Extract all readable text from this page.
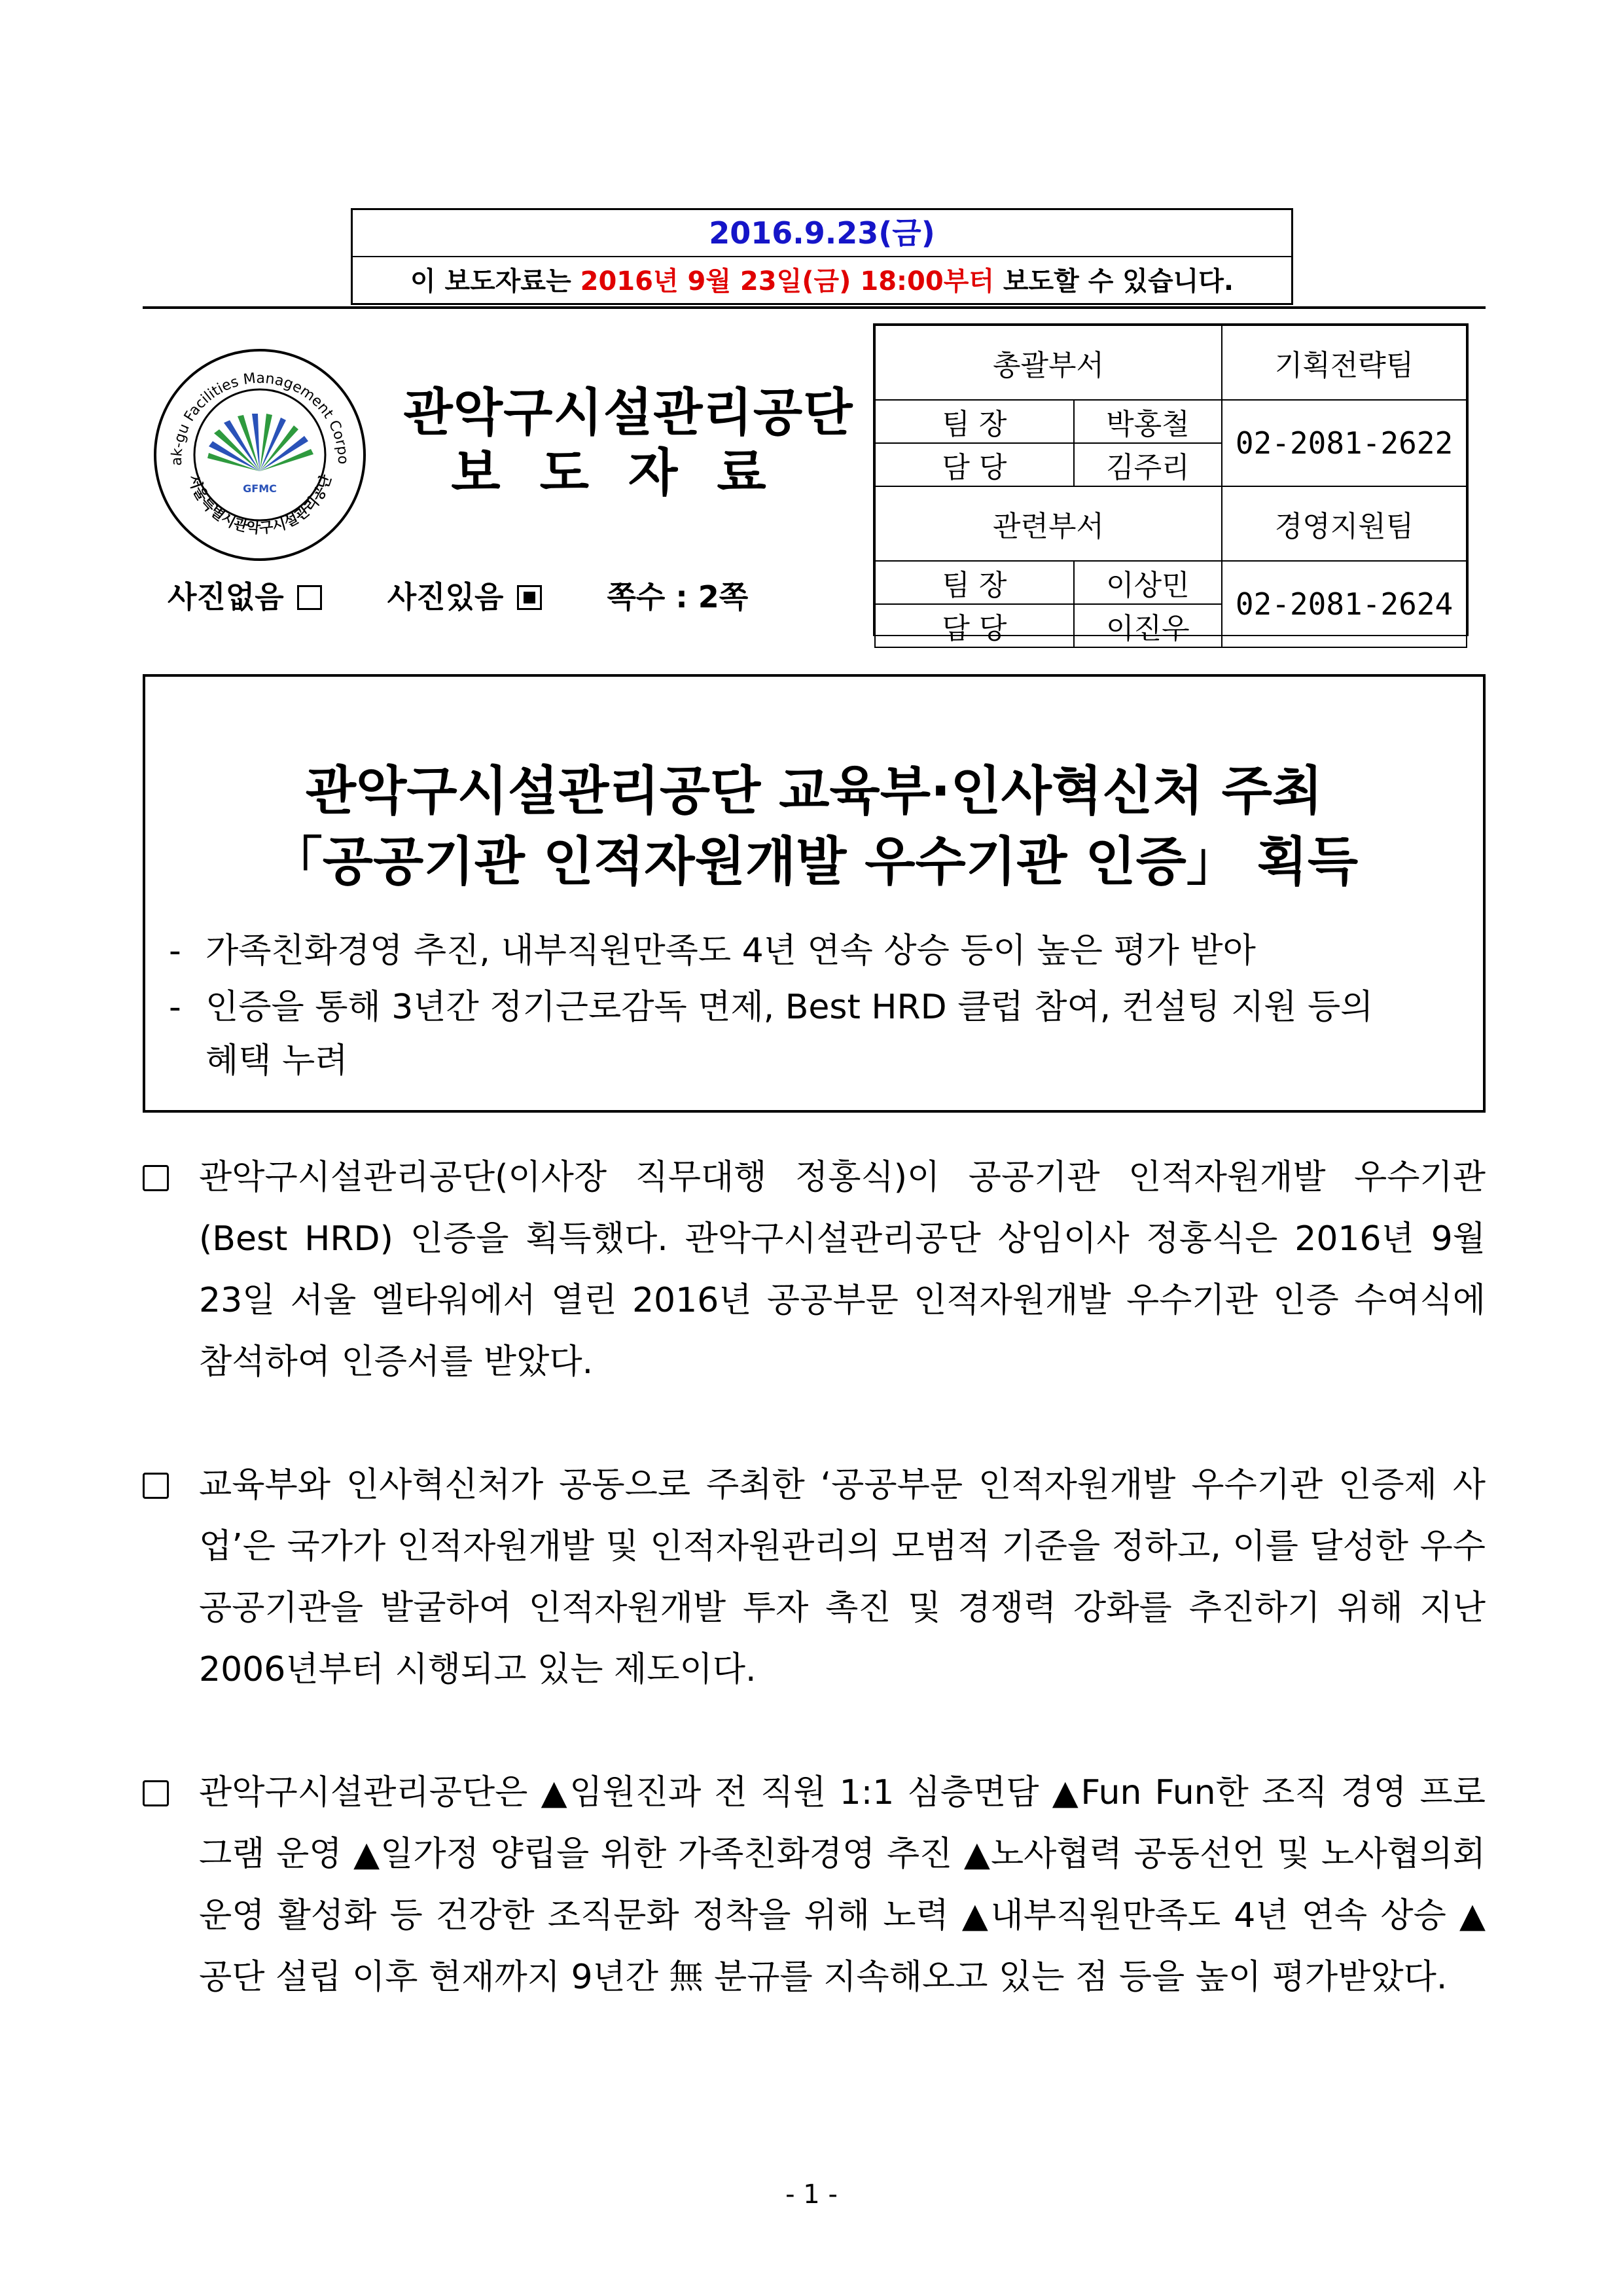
2016.9.23(금)
이 보도자료는 2016년 9월 23일(금) 18:00부터 보도할 수 있습니다.
ak-gu Facilities Management Corpo
서울특별시관악구시설관리공단
GFMC
관악구시설관리공단
보도자료
사진없음	사진있음	쪽수 : 2쪽
총괄부서		기획전략팀
팀 장	박홍철	02-2081-2622
담 당	김주리	
관련부서		경영지원팀
팀 장	이상민	02-2081-2624
담 당	이진우	
관악구시설관리공단 교육부·인사혁신처 주최
「공공기관 인적자원개발 우수기관 인증」 획득
- 가족친화경영 추진, 내부직원만족도 4년 연속 상승 등이 높은 평가 받아
- 인증을 통해 3년간 정기근로감독 면제, Best HRD 클럽 참여, 컨설팅 지원 등의
혜택 누려
관악구시설관리공단(이사장 직무대행 정홍식)이 공공기관 인적자원개발 우수기관 (Best HRD) 인증을 획득했다. 관악구시설관리공단 상임이사 정홍식은 2016년 9월 23일 서울 엘타워에서 열린 2016년 공공부문 인적자원개발 우수기관 인증 수여식에 참석하여 인증서를 받았다.
교육부와 인사혁신처가 공동으로 주최한 ‘공공부문 인적자원개발 우수기관 인증제 사업’은 국가가 인적자원개발 및 인적자원관리의 모범적 기준을 정하고, 이를 달성한 우수 공공기관을 발굴하여 인적자원개발 투자 촉진 및 경쟁력 강화를 추진하기 위해 지난 2006년부터 시행되고 있는 제도이다.
관악구시설관리공단은 ▲임원진과 전 직원 1:1 심층면담 ▲Fun Fun한 조직 경영 프로그램 운영 ▲일가정 양립을 위한 가족친화경영 추진 ▲노사협력 공동선언 및 노사협의회 운영 활성화 등 건강한 조직문화 정착을 위해 노력 ▲내부직원만족도 4년 연속 상승 ▲공단 설립 이후 현재까지 9년간 無 분규를 지속해오고 있는 점 등을 높이 평가받았다.
- 1 -
